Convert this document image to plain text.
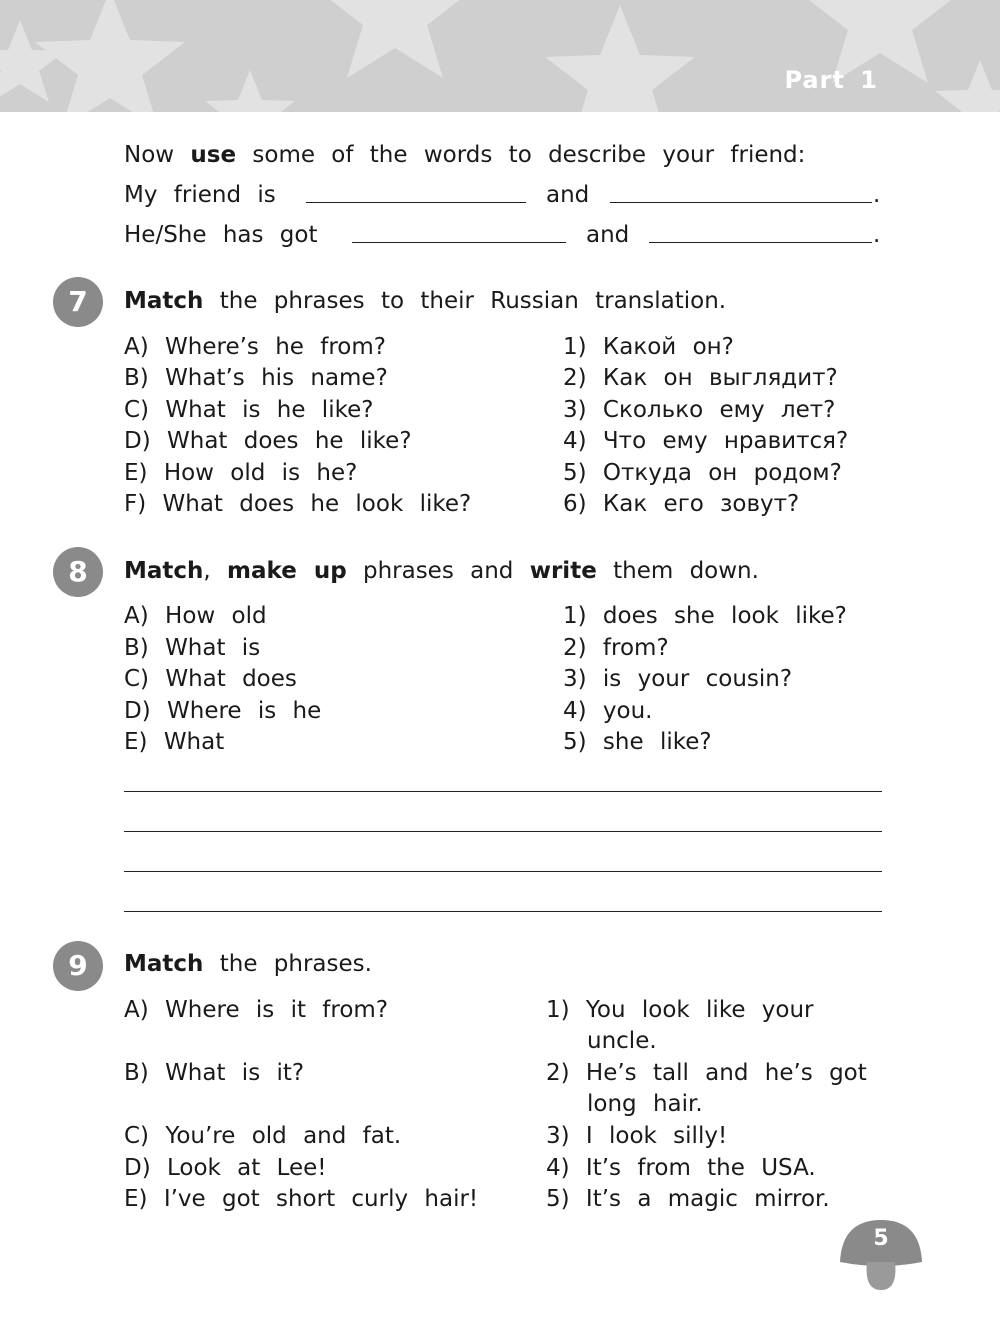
Part 1
Now use some of the words to describe your friend:
My friend is	and	.
He/She has got	and	.
7	Match the phrases to their Russian translation.
A) Where’s he from?
B) What’s his name?
C) What is he like?
D) What does he like?
E) How old is he?
F) What does he look like?
1) Какой он?
2) Как он выглядит?
3) Сколько ему лет?
4) Что ему нравится?
5) Откуда он родом?
6) Как его зовут?
8	Match, make up phrases and write them down.
A) How old
B) What is
C) What does
D) Where is he
E) What
1) does she look like?
2) from?
3) is your cousin?
4) you.
5) she like?
9	Match the phrases.
A) Where is it from?
B) What is it?
C) You’re old and fat.
D) Look at Lee!
E) I’ve got short curly hair!
1) You look like your
uncle.
2) He’s tall and he’s got
long hair.
3) I look silly!
4) It’s from the USA.
5) It’s a magic mirror.
5
